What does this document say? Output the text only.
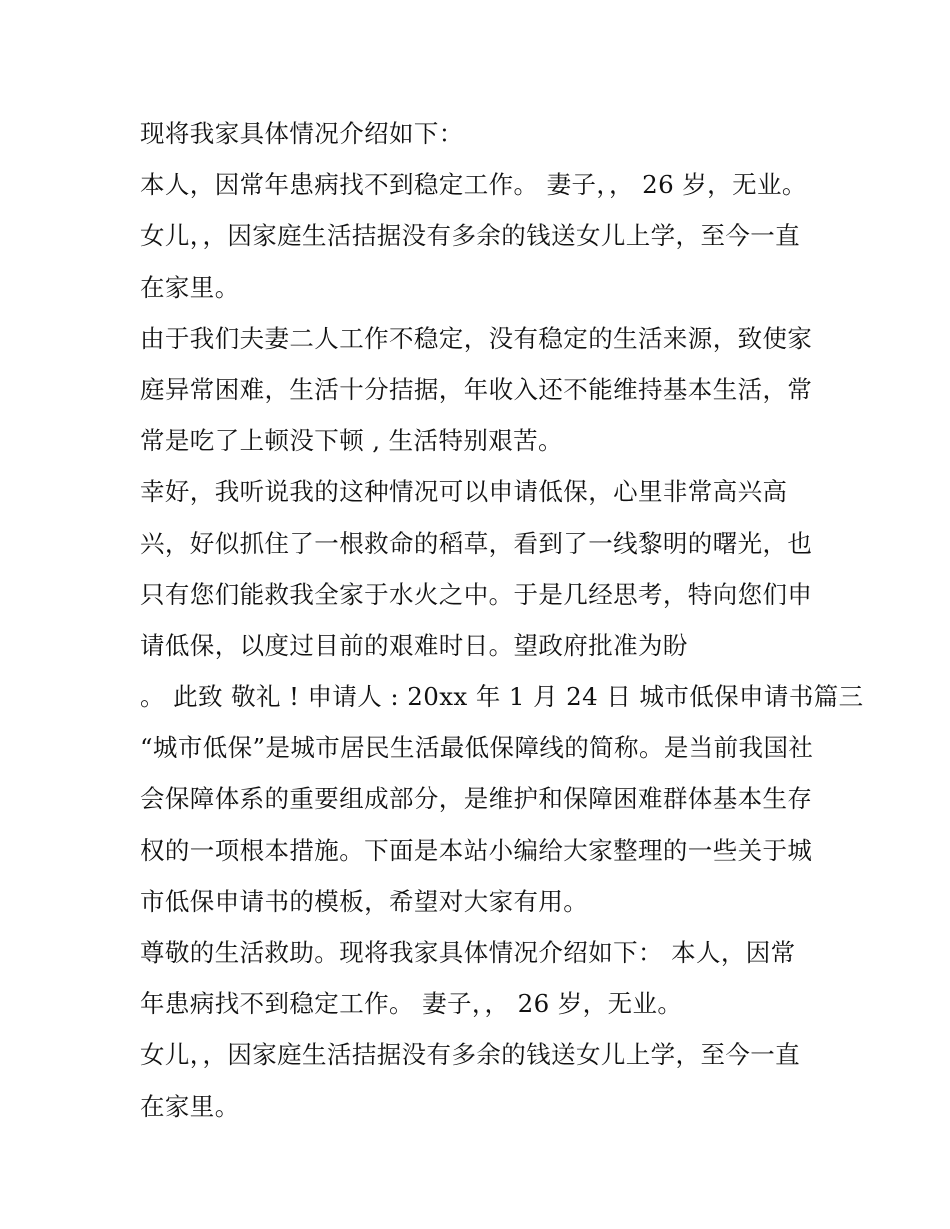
现将我家具体情况介绍如下：
本人，因常年患病找不到稳定工作。 妻子，， 26 岁，无业。
女儿，，因家庭生活拮据没有多余的钱送女儿上学，至今一直
在家里。
由于我们夫妻二人工作不稳定，没有稳定的生活来源，致使家
庭异常困难，生活十分拮据，年收入还不能维持基本生活，常
常是吃了上顿没下顿 , 生活特别艰苦。
幸好，我听说我的这种情况可以申请低保，心里非常高兴高
兴，好似抓住了一根救命的稻草，看到了一线黎明的曙光，也
只有您们能救我全家于水火之中。于是几经思考，特向您们申
请低保，以度过目前的艰难时日。望政府批准为盼
。 此致 敬礼 ! 申请人 : 20xx 年 1 月 24 日 城市低保申请书篇三
“城市低保”是城市居民生活最低保障线的简称。是当前我国社
会保障体系的重要组成部分，是维护和保障困难群体基本生存
权的一项根本措施。下面是本站小编给大家整理的一些关于城
市低保申请书的模板，希望对大家有用。
尊敬的生活救助。现将我家具体情况介绍如下： 本人，因常
年患病找不到稳定工作。 妻子，， 26 岁，无业。
女儿，，因家庭生活拮据没有多余的钱送女儿上学，至今一直
在家里。
